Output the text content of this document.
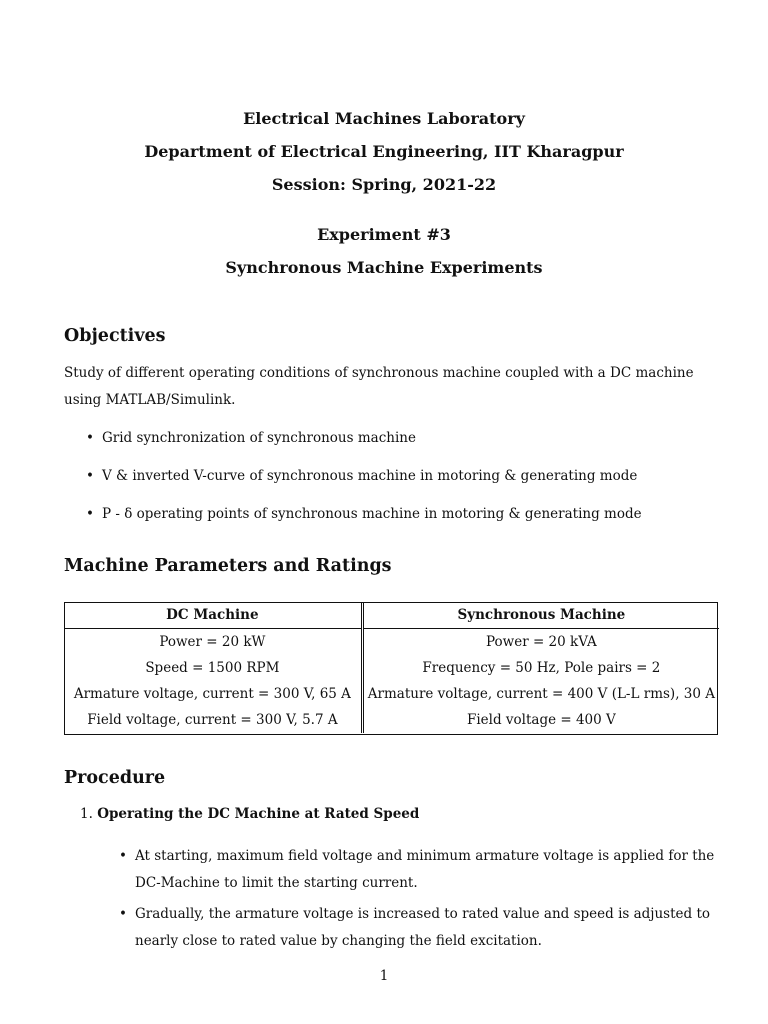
Electrical Machines Laboratory
Department of Electrical Engineering, IIT Kharagpur
Session: Spring, 2021-22
Experiment #3
Synchronous Machine Experiments
Objectives
Study of different operating conditions of synchronous machine coupled with a DC machine using MATLAB/Simulink.
• Grid synchronization of synchronous machine
• V & inverted V-curve of synchronous machine in motoring & generating mode
• P - δ operating points of synchronous machine in motoring & generating mode
Machine Parameters and Ratings
DC Machine	Synchronous Machine
Power = 20 kW	Power = 20 kVA
Speed = 1500 RPM	Frequency = 50 Hz, Pole pairs = 2
Armature voltage, current = 300 V, 65 A	Armature voltage, current = 400 V (L-L rms), 30 A
Field voltage, current = 300 V, 5.7 A	Field voltage = 400 V
Procedure
1. Operating the DC Machine at Rated Speed
• At starting, maximum field voltage and minimum armature voltage is applied for the DC-Machine to limit the starting current.
• Gradually, the armature voltage is increased to rated value and speed is adjusted to nearly close to rated value by changing the field excitation.
1
